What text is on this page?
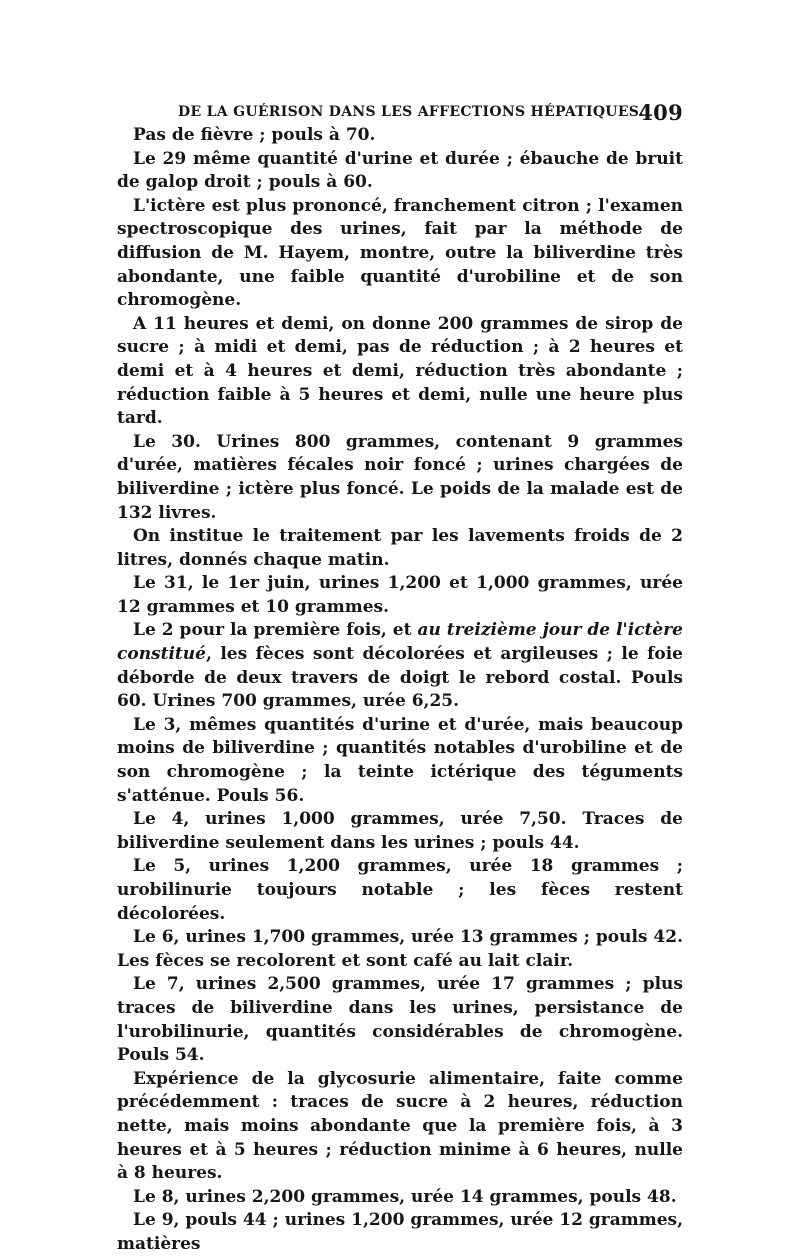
DE LA GUÉRISON DANS LES AFFECTIONS HÉPATIQUES.
409

Pas de fièvre ; pouls à 70.

Le 29 même quantité d'urine et durée ; ébauche de bruit de galop droit ; pouls à 60.

L'ictère est plus prononcé, franchement citron ; l'examen spectroscopique des urines, fait par la méthode de diffusion de M. Hayem, montre, outre la biliverdine très abondante, une faible quantité d'urobiline et de son chromogène.

A 11 heures et demi, on donne 200 grammes de sirop de sucre ; à midi et demi, pas de réduction ; à 2 heures et demi et à 4 heures et demi, réduction très abondante ; réduction faible à 5 heures et demi, nulle une heure plus tard.

Le 30. Urines 800 grammes, contenant 9 grammes d'urée, matières fécales noir foncé ; urines chargées de biliverdine ; ictère plus foncé. Le poids de la malade est de 132 livres.

On institue le traitement par les lavements froids de 2 litres, donnés chaque matin.

Le 31, le 1er juin, urines 1,200 et 1,000 grammes, urée 12 grammes et 10 grammes.

Le 2 pour la première fois, et au treizième jour de l'ictère constitué, les fèces sont décolorées et argileuses ; le foie déborde de deux travers de doigt le rebord costal. Pouls 60. Urines 700 grammes, urée 6,25.

Le 3, mêmes quantités d'urine et d'urée, mais beaucoup moins de biliverdine ; quantités notables d'urobiline et de son chromogène ; la teinte ictérique des téguments s'atténue. Pouls 56.

Le 4, urines 1,000 grammes, urée 7,50. Traces de biliverdine seulement dans les urines ; pouls 44.

Le 5, urines 1,200 grammes, urée 18 grammes ; urobilinurie toujours notable ; les fèces restent décolorées.

Le 6, urines 1,700 grammes, urée 13 grammes ; pouls 42. Les fèces se recolorent et sont café au lait clair.

Le 7, urines 2,500 grammes, urée 17 grammes ; plus traces de biliverdine dans les urines, persistance de l'urobilinurie, quantités considérables de chromogène. Pouls 54.

Expérience de la glycosurie alimentaire, faite comme précédemment : traces de sucre à 2 heures, réduction nette, mais moins abondante que la première fois, à 3 heures et à 5 heures ; réduction minime à 6 heures, nulle à 8 heures.

Le 8, urines 2,200 grammes, urée 14 grammes, pouls 48.

Le 9, pouls 44 ; urines 1,200 grammes, urée 12 grammes, matières
